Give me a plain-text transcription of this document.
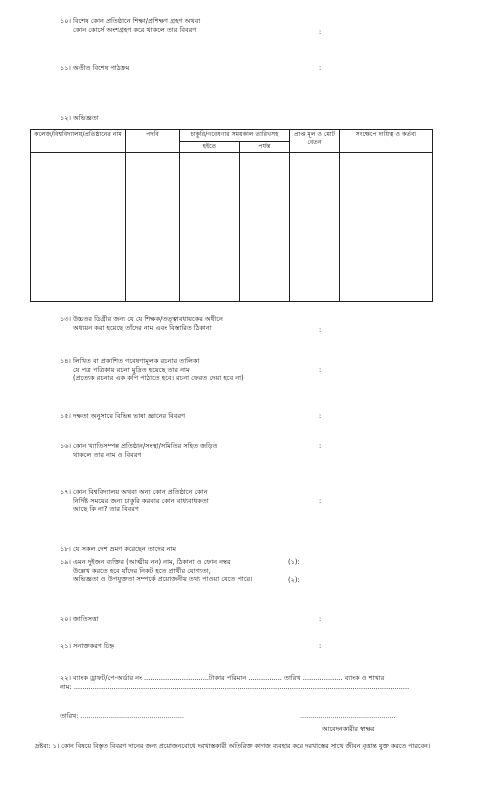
১০। বিশেষ কোন প্রতিষ্ঠানে শিক্ষা/প্রশিক্ষণ গ্রহণ অথবা
কোন কোর্সে অংশগ্রহণ করে থাকলে তার বিবরণ	:
১১। অতীত বিশেষ পাঠক্রম	:
১২। অভিজ্ঞতা
কলেজ/বিশ্ববিদ্যালয়/প্রতিষ্ঠানের নাম	পদবি	চাকুরি/গবেষণার সময়কাল তারিখসহ		প্রাপ্ত মূল ও মোট বেতন	সংক্ষেপে দায়িত্ব ও কর্তব্য
		হইতে	পর্যন্ত		

১৩। উচ্চতর ডিগ্রীর জন্য যে যে শিক্ষক/তত্ত্বাবধায়কের অধীনে
অধ্যয়ন করা হয়েছে তাঁদের নাম এবং বিস্তারিত ঠিকানা	:
১৪। লিখিত বা প্রকাশিত গবেষণামূলক রচনার তালিকা
যে পত্র পত্রিকায় রচনা মুদ্রিত হয়েছে তার নাম
(প্রত্যেক রচনার এক কপি পাঠাতে হবে। রচনা ফেরত দেয়া হবে না)
:
১৫। দক্ষতা অনুসারে বিভিন্ন ভাষা জ্ঞানের বিবরণ	:
১৬। কোন খ্যাতিসম্পন্ন প্রতিষ্ঠান/সংস্থা/সমিতির সহিত জড়িত
থাকলে তার নাম ও বিবরণ
:
১৭। কোন বিশ্ববিদ্যালয় অথবা অন্য কোন প্রতিষ্ঠানে কোন
নির্দিষ্ট সময়ের জন্য চাকুরি করবার কোন বাধ্যবাধকতা
আছে কি না? তার বিবরণ
:
১৮। যে সকল দেশ ভ্রমণ করেছেন তাদের নাম
১৯। এমন দুইজন ব্যক্তির (আত্মীয় নন) নাম, ঠিকানা ও ফোন নম্বর
উল্লেখ করতে হবে যাঁদের নিকট হতে প্রার্থীর যোগ্যতা,
অভিজ্ঞতা ও উপযুক্ততা সম্পর্কে প্রয়োজনীয় তথ্য পাওয়া যেতে পারে।
(১):
(২):
২০। জাতিসত্তা	:
২১। সনাক্তকরণ চিহ্ন	:
২২। ব্যাংক ড্রাফট/পে-অর্ডার নং ...............................টাকার পরিমান ................ তারিখ ................... ব্যাংক ও শাখার
নাম: ................................................................................................................................................................
তারিখ: ...................................................	...............................................
আবেদনকারীর স্বাক্ষর
দ্রষ্টব্য: ১। কোন বিষয়ে বিস্তৃত বিবরণ দানের জন্য প্রয়োজনবোধে দরখাস্তকারী অতিরিক্ত কাগজ ব্যবহার করে দরখাস্তের সাথে জীবন বৃত্তান্ত যুক্ত করতে পারবেন।
